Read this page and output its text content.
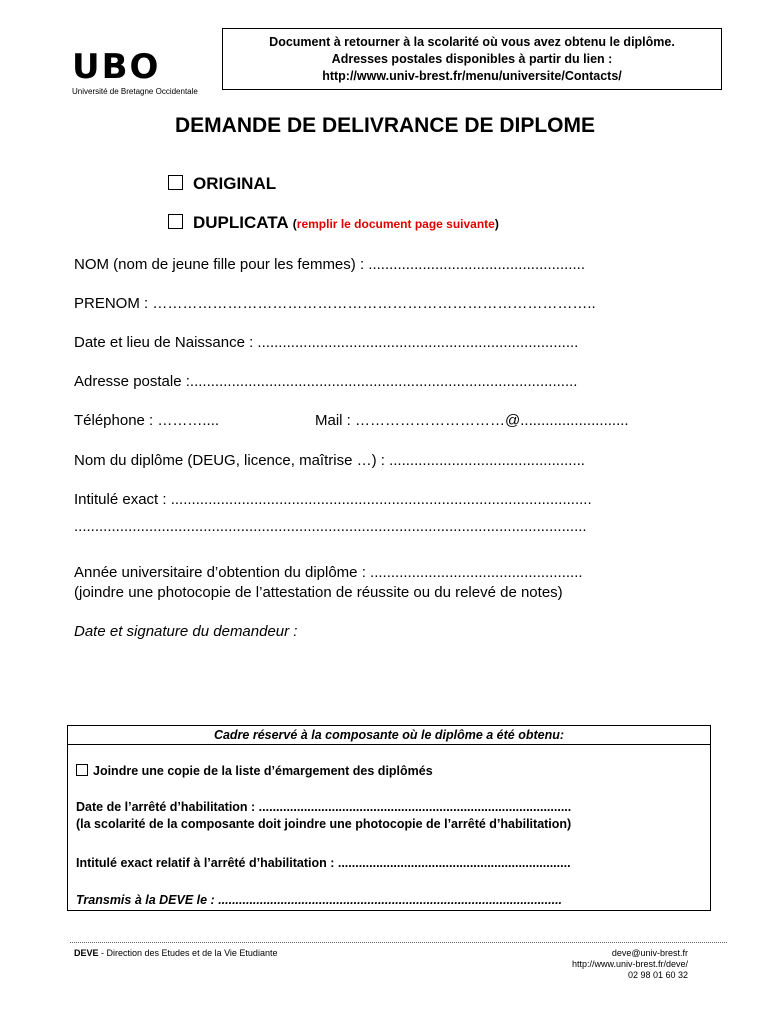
UBO
Université de Bretagne Occidentale
Document à retourner à la scolarité où vous avez obtenu le diplôme.
Adresses postales disponibles à partir du lien :
http://www.univ-brest.fr/menu/universite/Contacts/
DEMANDE DE DELIVRANCE DE DIPLOME
ORIGINAL
DUPLICATA (remplir le document page suivante)
NOM (nom de jeune fille pour les femmes) : ....................................................
PRENOM : ……………………………………………………………………………..
Date et lieu de Naissance : .............................................................................
Adresse postale :.............................................................................................
Téléphone : ………....	Mail : …………………………@..........................
Nom du diplôme (DEUG, licence, maîtrise …) : ...............................................
Intitulé exact : .....................................................................................................
...........................................................................................................................
Année universitaire d’obtention du diplôme : ...................................................
(joindre une photocopie de l’attestation de réussite ou du relevé de notes)
Date et signature du demandeur :
Cadre réservé à la composante où le diplôme a été obtenu:
Joindre une copie de la liste d’émargement des diplômés
Date de l’arrêté d’habilitation : ..........................................................................................
(la scolarité de la composante doit joindre une photocopie de l’arrêté d’habilitation)
Intitulé exact relatif à l’arrêté d’habilitation : ...................................................................
Transmis à la DEVE le : ...................................................................................................
DEVE - Direction des Etudes et de la Vie Etudiante	deve@univ-brest.fr
http://www.univ-brest.fr/deve/
02 98 01 60 32
